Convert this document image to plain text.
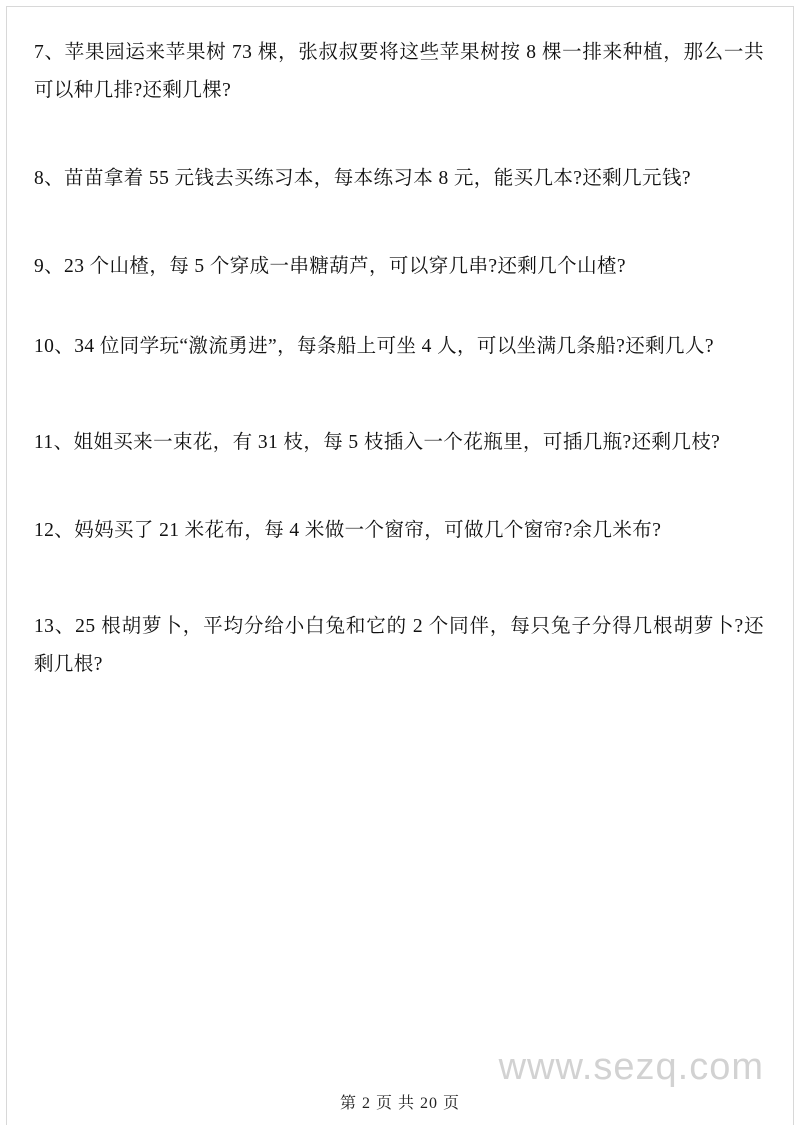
7、苹果园运来苹果树 73 棵，张叔叔要将这些苹果树按 8 棵一排来种植，那么一共可以种几排?还剩几棵?

8、苗苗拿着 55 元钱去买练习本，每本练习本 8 元，能买几本?还剩几元钱?

9、23 个山楂，每 5 个穿成一串糖葫芦，可以穿几串?还剩几个山楂?

10、34 位同学玩“激流勇进”，每条船上可坐 4 人，可以坐满几条船?还剩几人?

11、姐姐买来一束花，有 31 枝，每 5 枝插入一个花瓶里，可插几瓶?还剩几枝?

12、妈妈买了 21 米花布，每 4 米做一个窗帘，可做几个窗帘?余几米布?

13、25 根胡萝卜，平均分给小白兔和它的 2 个同伴，每只兔子分得几根胡萝卜?还剩几根?

www.sezq.com
第 2 页 共 20 页
